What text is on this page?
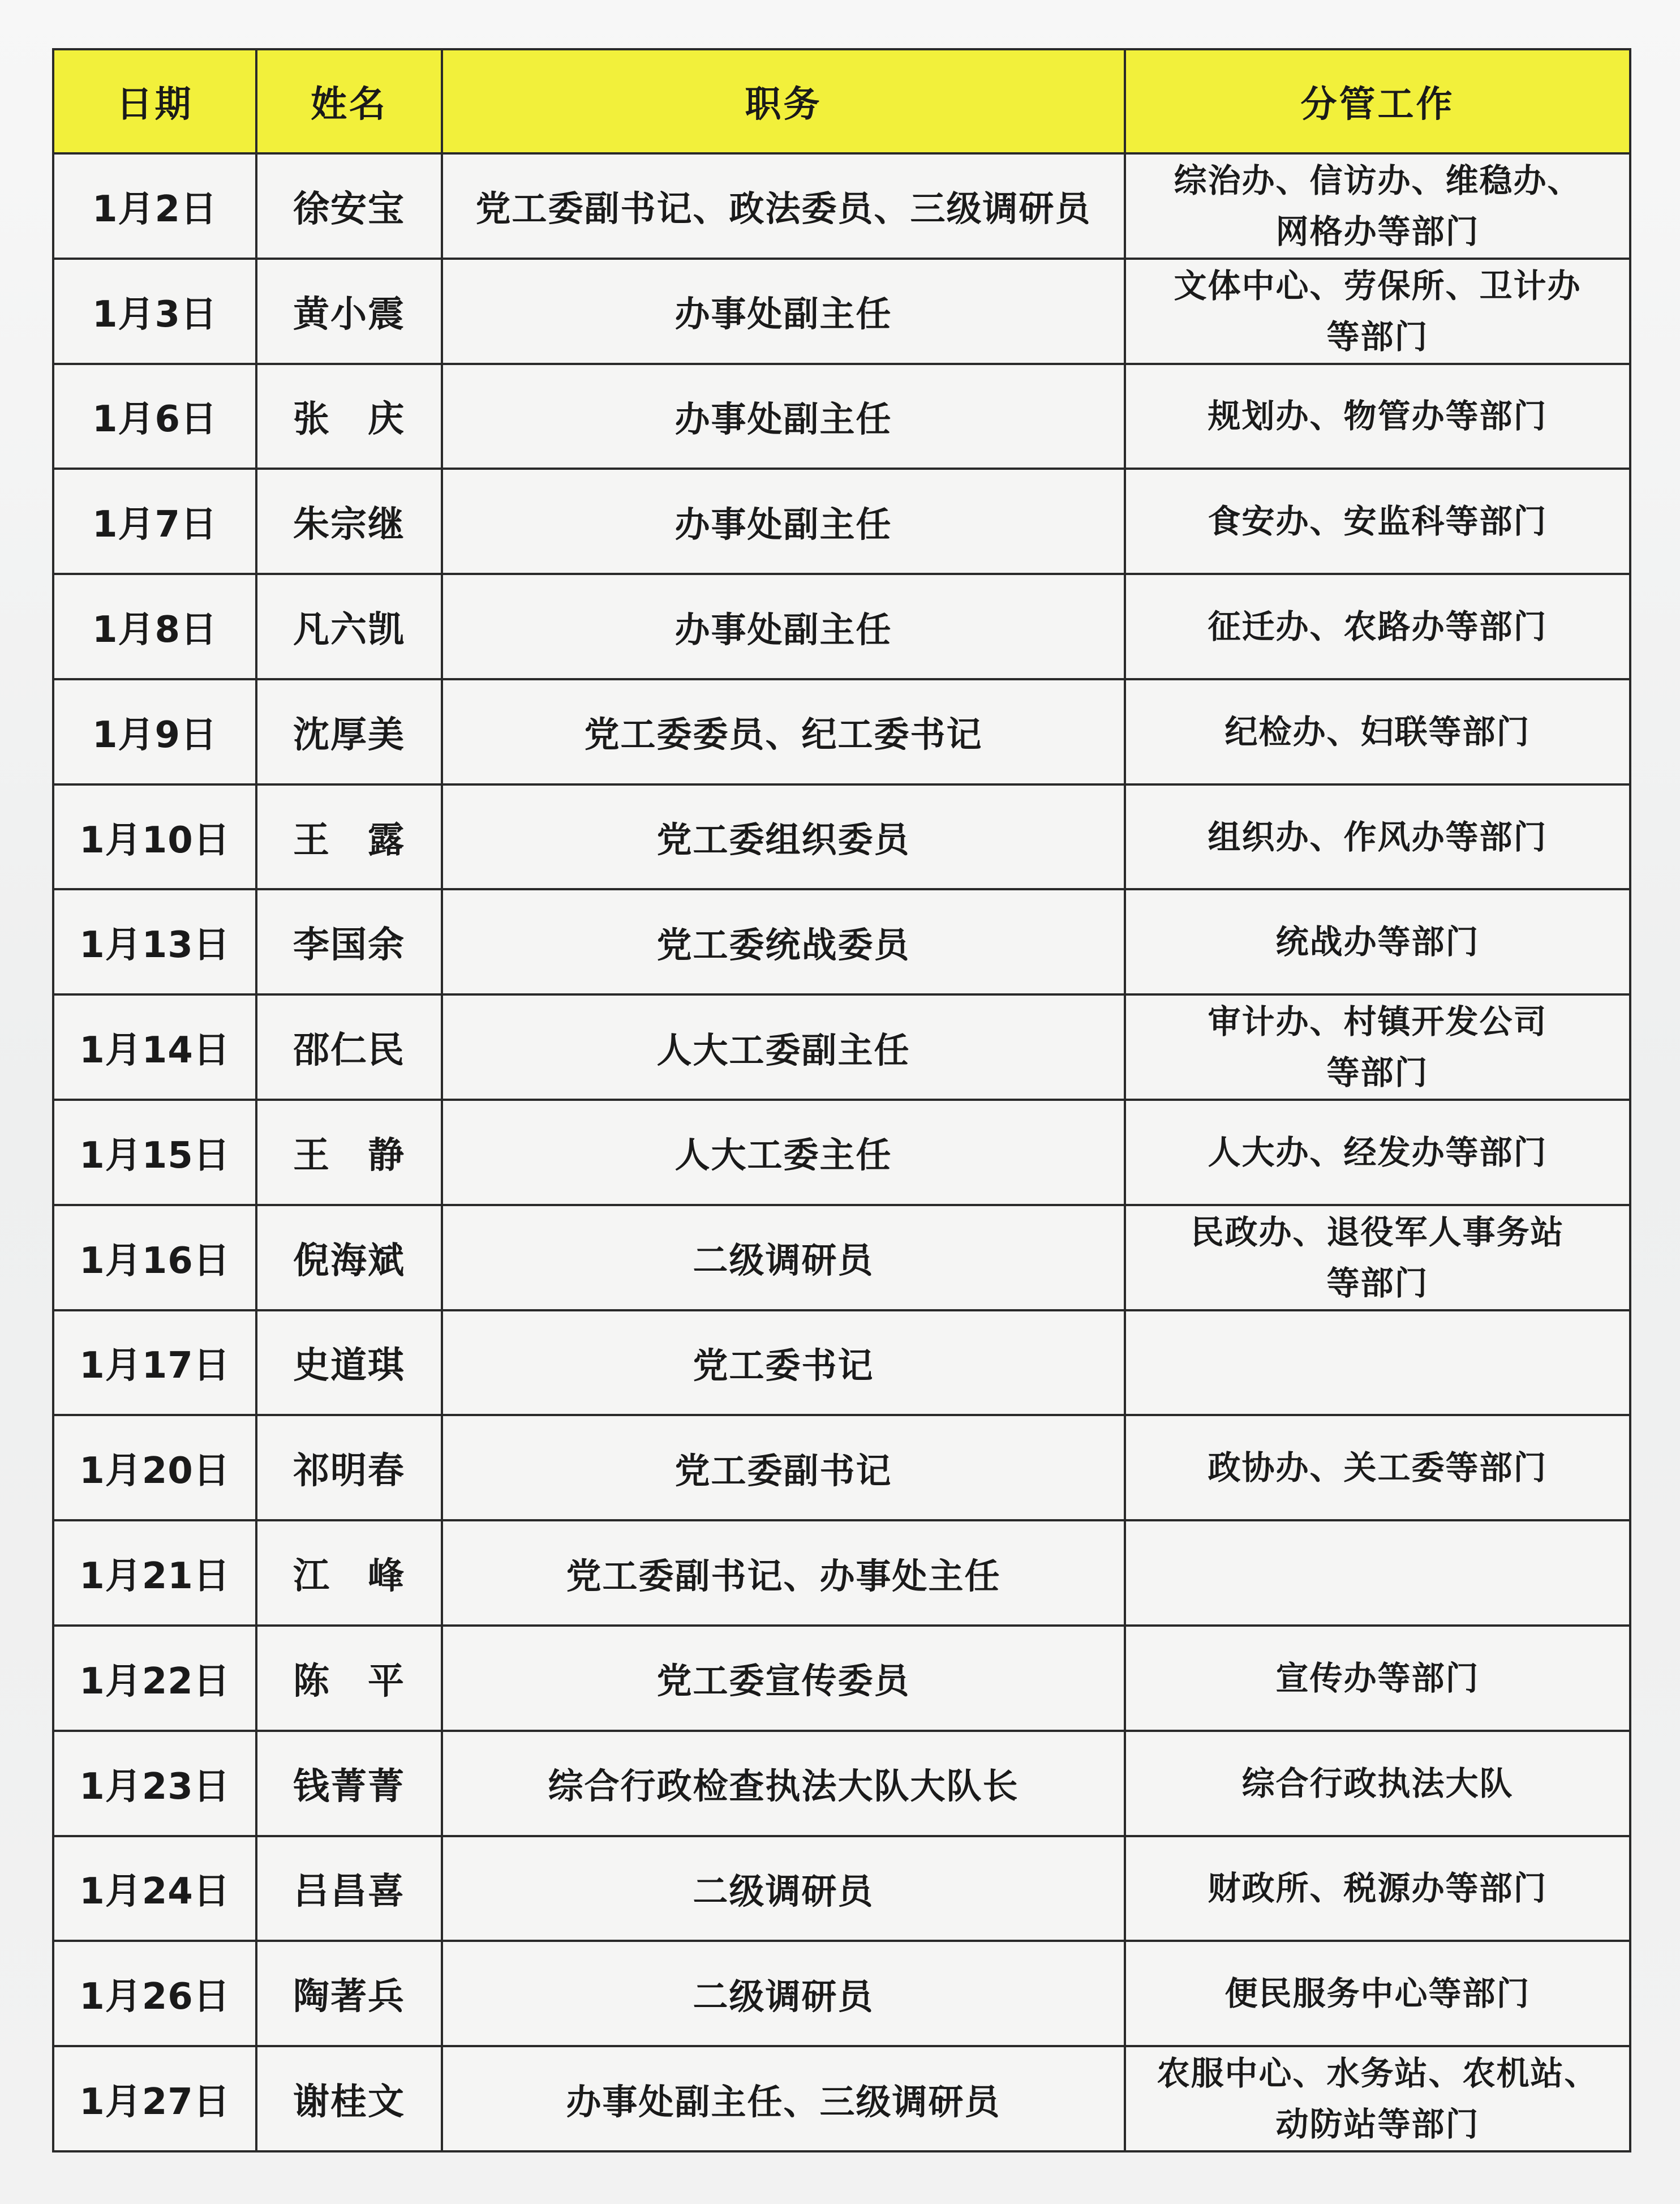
日期	姓名	职务	分管工作
1月2日	徐安宝	党工委副书记、政法委员、三级调研员	综治办、信访办、维稳办、
网格办等部门

1月3日	黄小震	办事处副主任	文体中心、劳保所、卫计办
等部门

1月6日	张　庆	办事处副主任	规划办、物管办等部门

1月7日	朱宗继	办事处副主任	食安办、安监科等部门

1月8日	凡六凯	办事处副主任	征迁办、农路办等部门

1月9日	沈厚美	党工委委员、纪工委书记	纪检办、妇联等部门

1月10日	王　露	党工委组织委员	组织办、作风办等部门

1月13日	李国余	党工委统战委员	统战办等部门

1月14日	邵仁民	人大工委副主任	审计办、村镇开发公司
等部门

1月15日	王　静	人大工委主任	人大办、经发办等部门

1月16日	倪海斌	二级调研员	民政办、退役军人事务站
等部门

1月17日	史道琪	党工委书记	
1月20日	祁明春	党工委副书记	政协办、关工委等部门

1月21日	江　峰	党工委副书记、办事处主任	
1月22日	陈　平	党工委宣传委员	宣传办等部门

1月23日	钱菁菁	综合行政检查执法大队大队长	综合行政执法大队

1月24日	吕昌喜	二级调研员	财政所、税源办等部门

1月26日	陶著兵	二级调研员	便民服务中心等部门

1月27日	谢桂文	办事处副主任、三级调研员	农服中心、水务站、农机站、
动防站等部门
